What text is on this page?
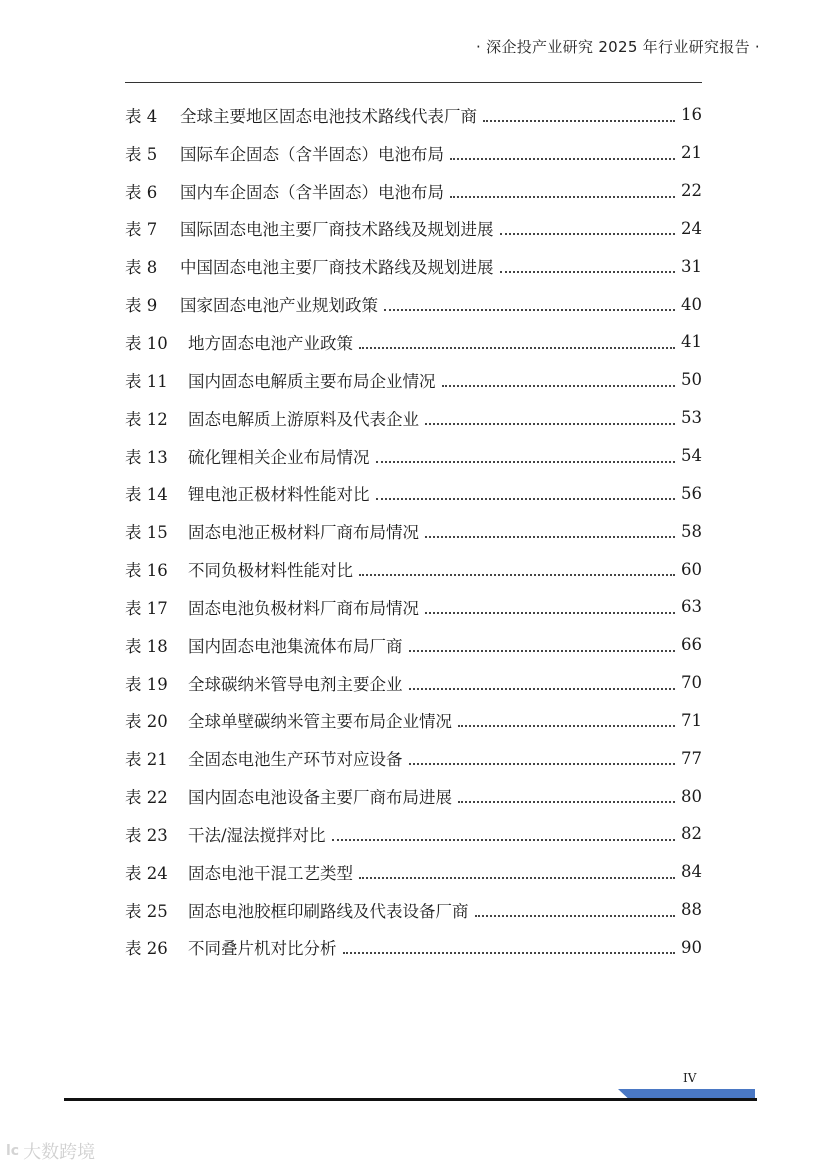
· 深企投产业研究 2025 年行业研究报告 ·
表 4	全球主要地区固态电池技术路线代表厂商	16
表 5	国际车企固态（含半固态）电池布局	21
表 6	国内车企固态（含半固态）电池布局	22
表 7	国际固态电池主要厂商技术路线及规划进展	24
表 8	中国固态电池主要厂商技术路线及规划进展	31
表 9	国家固态电池产业规划政策	40
表 10	地方固态电池产业政策	41
表 11	国内固态电解质主要布局企业情况	50
表 12	固态电解质上游原料及代表企业	53
表 13	硫化锂相关企业布局情况	54
表 14	锂电池正极材料性能对比	56
表 15	固态电池正极材料厂商布局情况	58
表 16	不同负极材料性能对比	60
表 17	固态电池负极材料厂商布局情况	63
表 18	国内固态电池集流体布局厂商	66
表 19	全球碳纳米管导电剂主要企业	70
表 20	全球单壁碳纳米管主要布局企业情况	71
表 21	全固态电池生产环节对应设备	77
表 22	国内固态电池设备主要厂商布局进展	80
表 23	干法/湿法搅拌对比	82
表 24	固态电池干混工艺类型	84
表 25	固态电池胶框印刷路线及代表设备厂商	88
表 26	不同叠片机对比分析	90
IV
lc 大数跨境
